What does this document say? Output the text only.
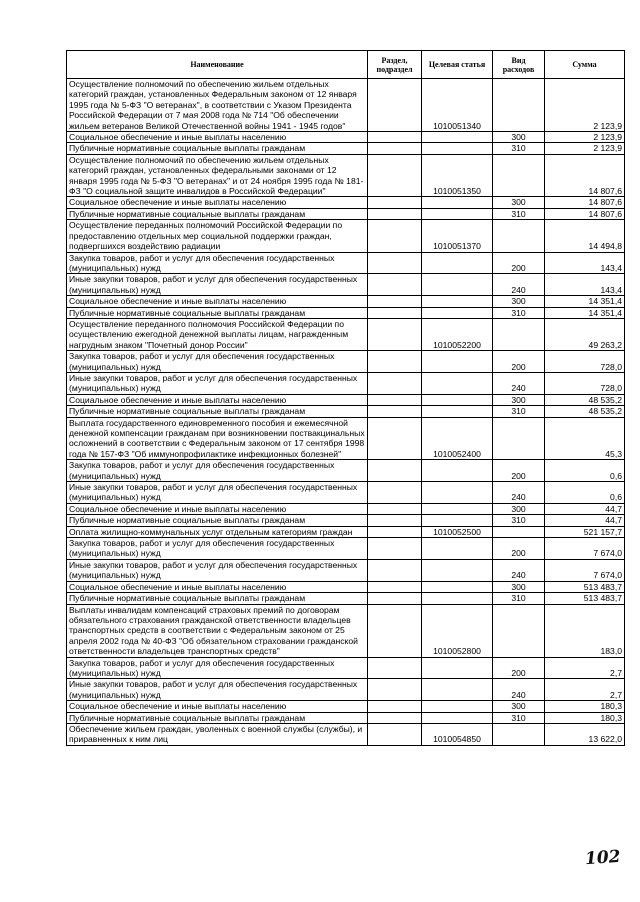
Наименование	Раздел, подраздел	Целевая статья	Вид расходов	Сумма
Осуществление полномочий по обеспечению жильем отдельных категорий граждан, установленных Федеральным законом от 12 января 1995 года № 5-ФЗ "О ветеранах", в соответствии с Указом Президента Российской Федерации от 7 мая 2008 года № 714 "Об обеспечении жильем ветеранов Великой Отечественной войны 1941 - 1945 годов"		1010051340		2 123,9
Социальное обеспечение и иные выплаты населению			300	2 123,9
Публичные нормативные социальные выплаты гражданам			310	2 123,9
Осуществление полномочий по обеспечению жильем отдельных категорий граждан, установленных федеральными законами от 12 января 1995 года № 5-ФЗ "О ветеранах" и от 24 ноября 1995 года № 181-ФЗ "О социальной защите инвалидов в Российской Федерации"		1010051350		14 807,6
Социальное обеспечение и иные выплаты населению			300	14 807,6
Публичные нормативные социальные выплаты гражданам			310	14 807,6
Осуществление переданных полномочий Российской Федерации по предоставлению отдельных мер социальной поддержки граждан, подвергшихся воздействию радиации		1010051370		14 494,8
Закупка товаров, работ и услуг для обеспечения государственных (муниципальных) нужд			200	143,4
Иные закупки товаров, работ и услуг для обеспечения государственных (муниципальных) нужд			240	143,4
Социальное обеспечение и иные выплаты населению			300	14 351,4
Публичные нормативные социальные выплаты гражданам			310	14 351,4
Осуществление переданного полномочия Российской Федерации по осуществлению ежегодной денежной выплаты лицам, награжденным нагрудным знаком "Почетный донор России"		1010052200		49 263,2
Закупка товаров, работ и услуг для обеспечения государственных (муниципальных) нужд			200	728,0
Иные закупки товаров, работ и услуг для обеспечения государственных (муниципальных) нужд			240	728,0
Социальное обеспечение и иные выплаты населению			300	48 535,2
Публичные нормативные социальные выплаты гражданам			310	48 535,2
Выплата государственного единовременного пособия и ежемесячной денежной компенсации гражданам при возникновении поствакцинальных осложнений в соответствии с Федеральным законом от 17 сентября 1998 года № 157-ФЗ "Об иммунопрофилактике инфекционных болезней"		1010052400		45,3
Закупка товаров, работ и услуг для обеспечения государственных (муниципальных) нужд			200	0,6
Иные закупки товаров, работ и услуг для обеспечения государственных (муниципальных) нужд			240	0,6
Социальное обеспечение и иные выплаты населению			300	44,7
Публичные нормативные социальные выплаты гражданам			310	44,7
Оплата жилищно-коммунальных услуг отдельным категориям граждан		1010052500		521 157,7
Закупка товаров, работ и услуг для обеспечения государственных (муниципальных) нужд			200	7 674,0
Иные закупки товаров, работ и услуг для обеспечения государственных (муниципальных) нужд			240	7 674,0
Социальное обеспечение и иные выплаты населению			300	513 483,7
Публичные нормативные социальные выплаты гражданам			310	513 483,7
Выплаты инвалидам компенсаций страховых премий по договорам обязательного страхования гражданской ответственности владельцев транспортных средств в соответствии с Федеральным законом от 25 апреля 2002 года № 40-ФЗ "Об обязательном страховании гражданской ответственности владельцев транспортных средств"		1010052800		183,0
Закупка товаров, работ и услуг для обеспечения государственных (муниципальных) нужд			200	2,7
Иные закупки товаров, работ и услуг для обеспечения государственных (муниципальных) нужд			240	2,7
Социальное обеспечение и иные выплаты населению			300	180,3
Публичные нормативные социальные выплаты гражданам			310	180,3
Обеспечение жильем граждан, уволенных с военной службы (службы), и приравненных к ним лиц		1010054850		13 622,0
102
